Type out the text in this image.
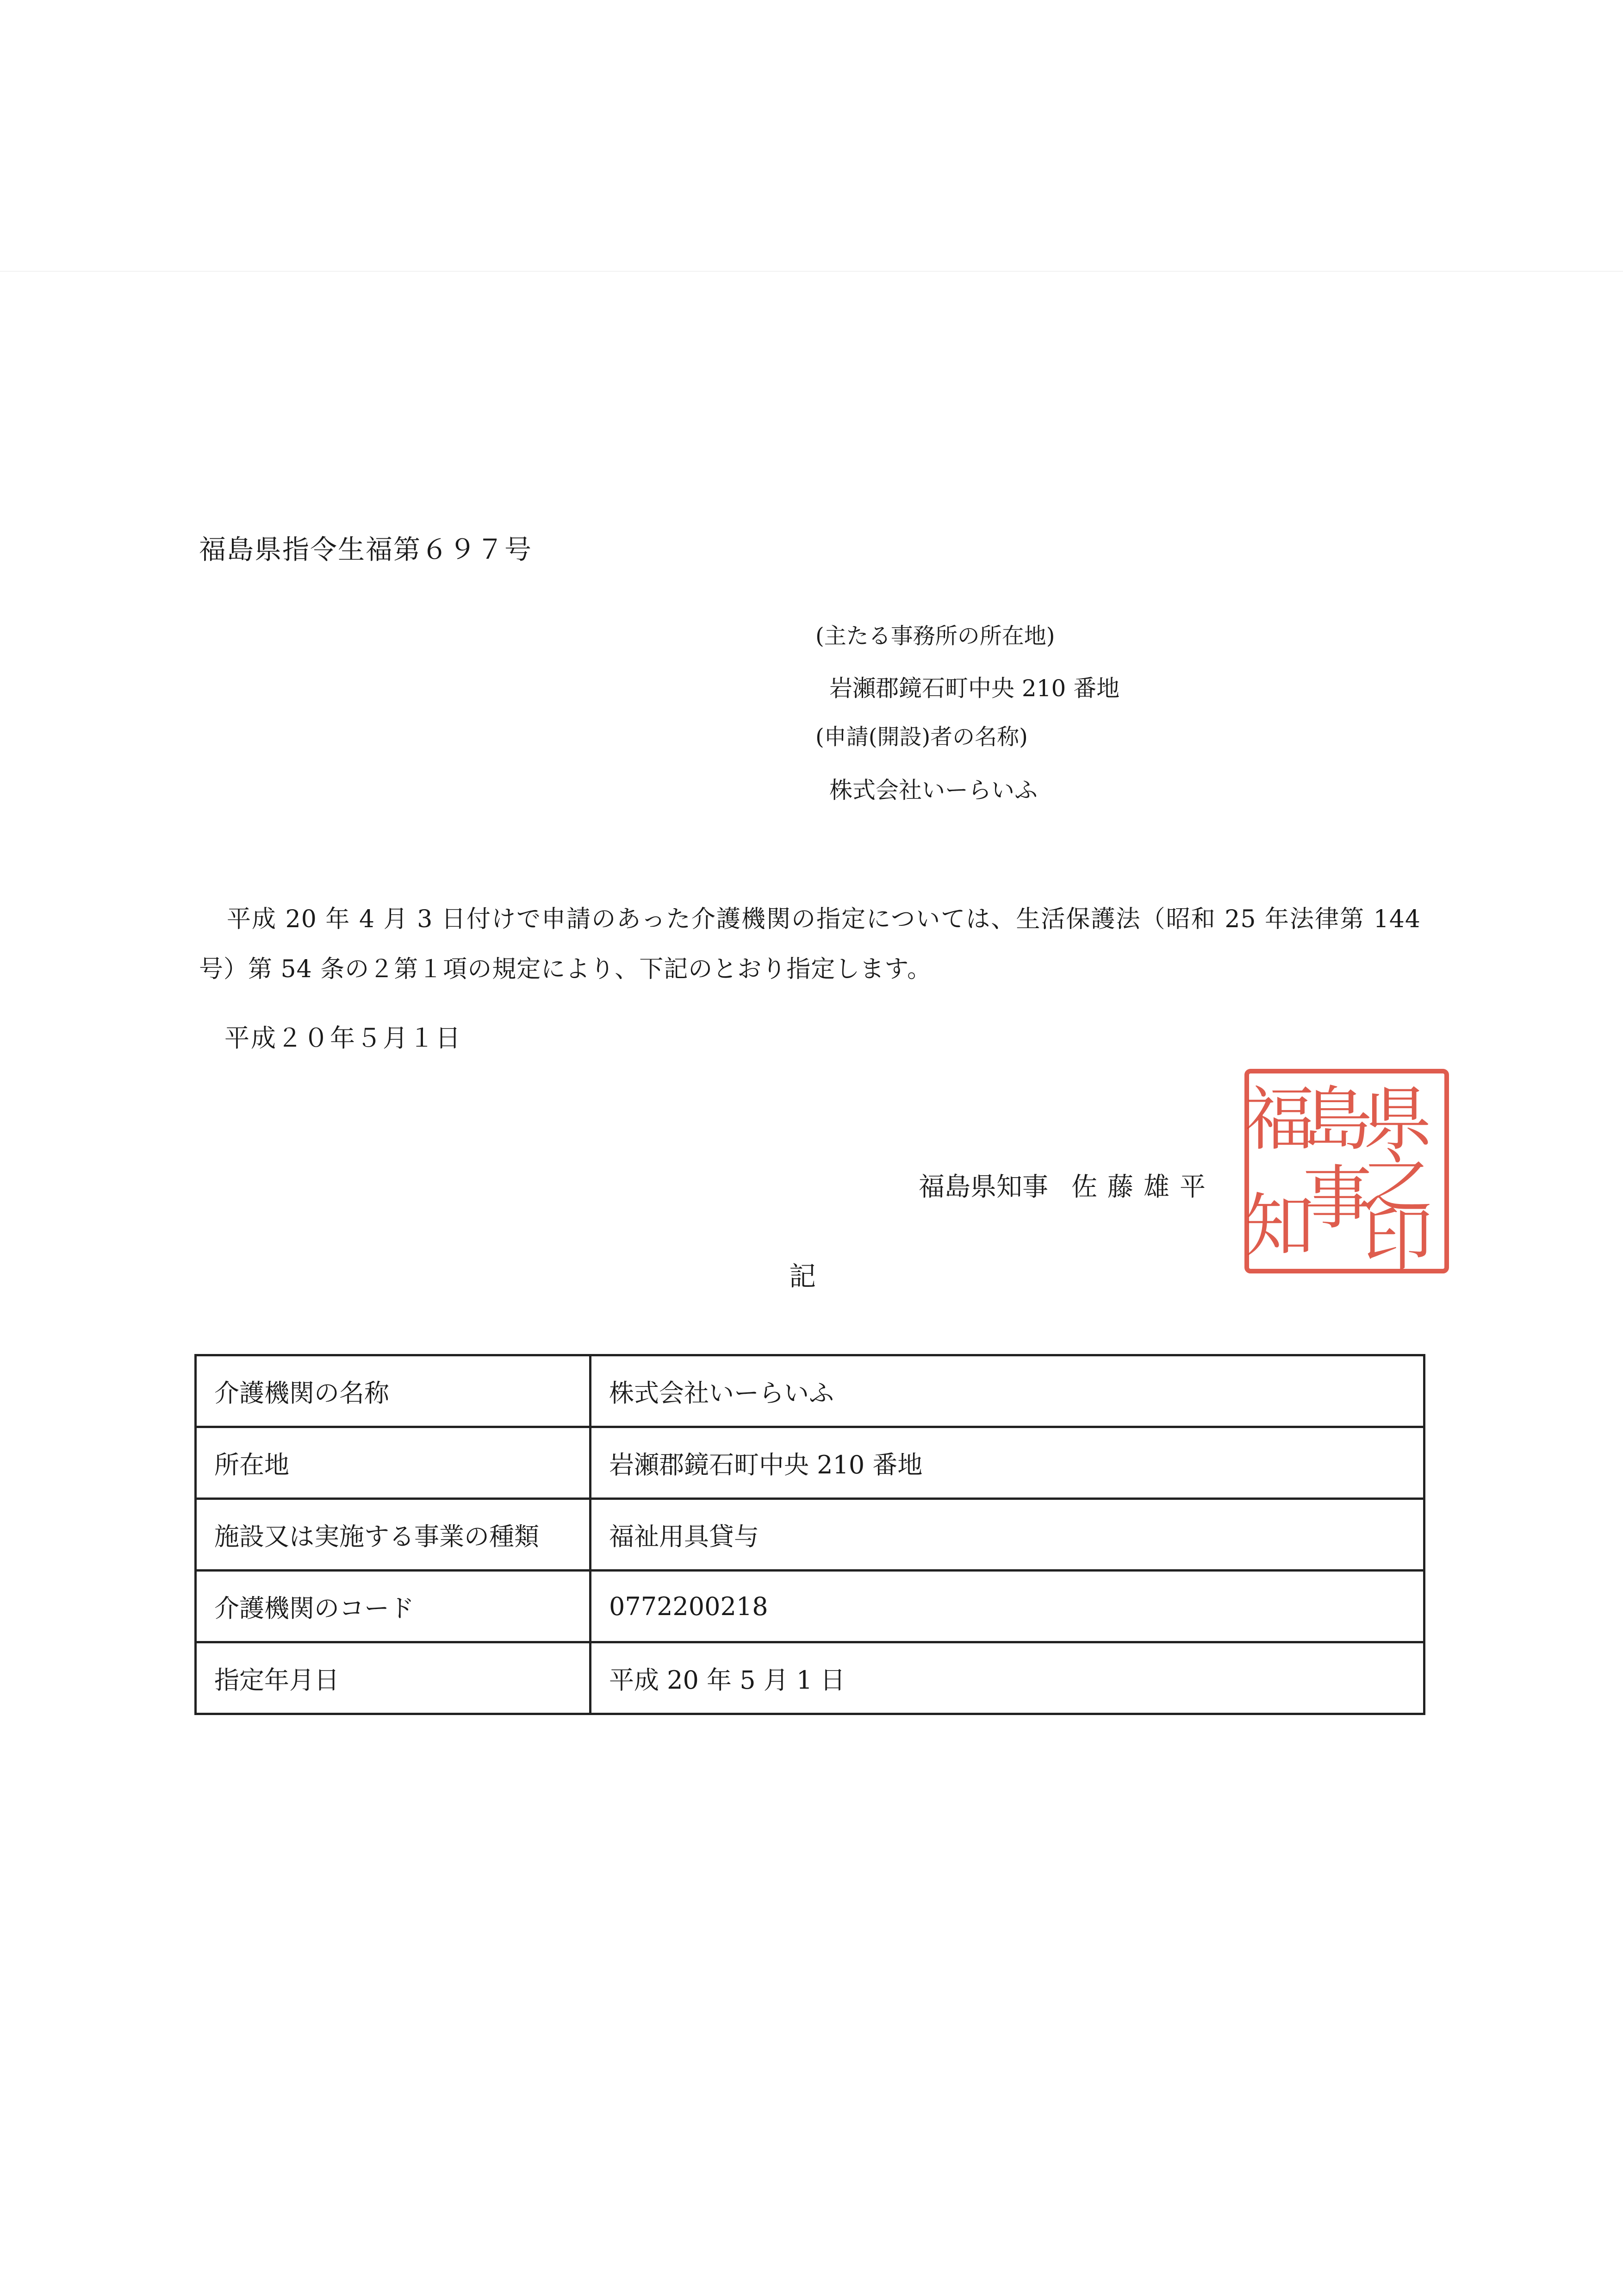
福島県指令生福第６９７号
(主たる事務所の所在地)
岩瀬郡鏡石町中央 210 番地
(申請(開設)者の名称)
株式会社いーらいふ

平成 20 年 4 月 3 日付けで申請のあった介護機関の指定については、生活保護法（昭和 25 年法律第 144 号）第 54 条の２第１項の規定により、下記のとおり指定します。

平成２０年５月１日
福島県知事 佐藤雄平
県
之
印
島
事
福
知
記
介護機関の名称	株式会社いーらいふ
所在地	岩瀬郡鏡石町中央 210 番地
施設又は実施する事業の種類	福祉用具貸与
介護機関のコード	0772200218
指定年月日	平成 20 年 5 月 1 日
